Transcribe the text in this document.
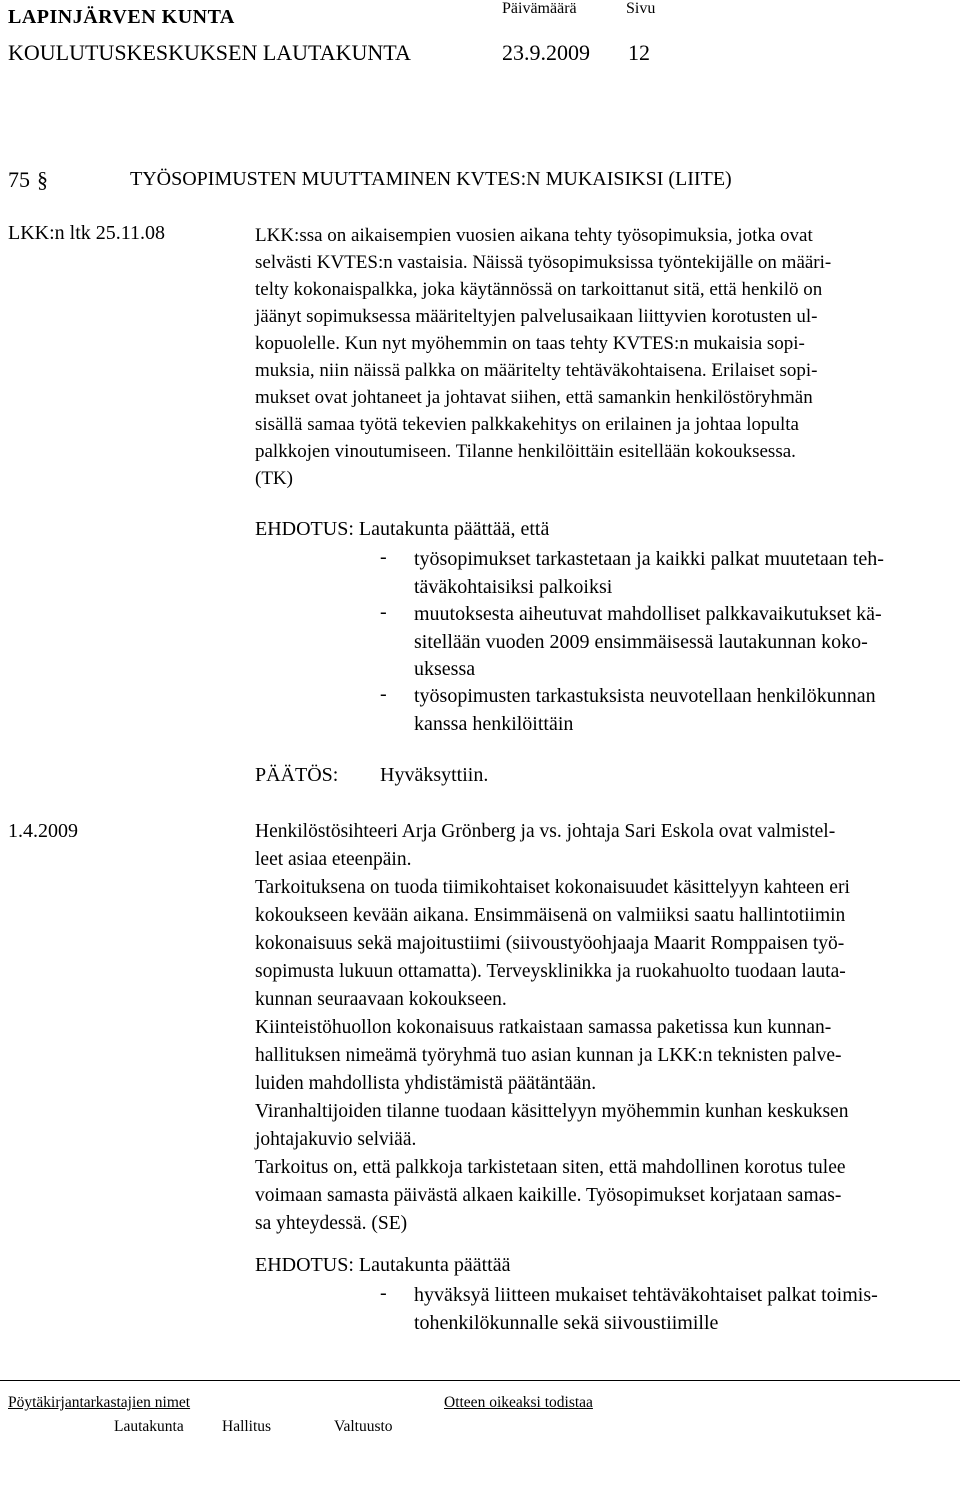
LAPINJÄRVEN KUNTA	Päivämäärä	Sivu
KOULUTUSKESKUKSEN LAUTAKUNTA	23.9.2009 12
75 §	TYÖSOPIMUSTEN MUUTTAMINEN KVTES:N MUKAISIKSI (LIITE)
LKK:n ltk 25.11.08	LKK:ssa on aikaisempien vuosien aikana tehty työsopimuksia, jotka ovat
selvästi KVTES:n vastaisia. Näissä työsopimuksissa työntekijälle on määri-
telty kokonaispalkka, joka käytännössä on tarkoittanut sitä, että henkilö on
jäänyt sopimuksessa määriteltyjen palvelusaikaan liittyvien korotusten ul-
kopuolelle. Kun nyt myöhemmin on taas tehty KVTES:n mukaisia sopi-
muksia, niin näissä palkka on määritelty tehtäväkohtaisena. Erilaiset sopi-
mukset ovat johtaneet ja johtavat siihen, että samankin henkilöstöryhmän
sisällä samaa työtä tekevien palkkakehitys on erilainen ja johtaa lopulta
palkkojen vinoutumiseen. Tilanne henkilöittäin esitellään kokouksessa.
(TK)
EHDOTUS: Lautakunta päättää, että
- työsopimukset tarkastetaan ja kaikki palkat muutetaan teh-
täväkohtaisiksi palkoiksi
- muutoksesta aiheutuvat mahdolliset palkkavaikutukset kä-
sitellään vuoden 2009 ensimmäisessä lautakunnan koko-
uksessa
- työsopimusten tarkastuksista neuvotellaan henkilökunnan
kanssa henkilöittäin
PÄÄTÖS: Hyväksyttiin.
1.4.2009	Henkilöstösihteeri Arja Grönberg ja vs. johtaja Sari Eskola ovat valmistel-
leet asiaa eteenpäin.
Tarkoituksena on tuoda tiimikohtaiset kokonaisuudet käsittelyyn kahteen eri
kokoukseen kevään aikana. Ensimmäisenä on valmiiksi saatu hallintotiimin
kokonaisuus sekä majoitustiimi (siivoustyöohjaaja Maarit Romppaisen työ-
sopimusta lukuun ottamatta). Terveysklinikka ja ruokahuolto tuodaan lauta-
kunnan seuraavaan kokoukseen.
Kiinteistöhuollon kokonaisuus ratkaistaan samassa paketissa kun kunnan-
hallituksen nimeämä työryhmä tuo asian kunnan ja LKK:n teknisten palve-
luiden mahdollista yhdistämistä päätäntään.
Viranhaltijoiden tilanne tuodaan käsittelyyn myöhemmin kunhan keskuksen
johtajakuvio selviää.
Tarkoitus on, että palkkoja tarkistetaan siten, että mahdollinen korotus tulee
voimaan samasta päivästä alkaen kaikille. Työsopimukset korjataan samas-
sa yhteydessä. (SE)
EHDOTUS: Lautakunta päättää
- hyväksyä liitteen mukaiset tehtäväkohtaiset palkat toimis-
tohenkilökunnalle sekä siivoustiimille
Pöytäkirjantarkastajien nimet	Otteen oikeaksi todistaa
Lautakunta Hallitus	Valtuusto
